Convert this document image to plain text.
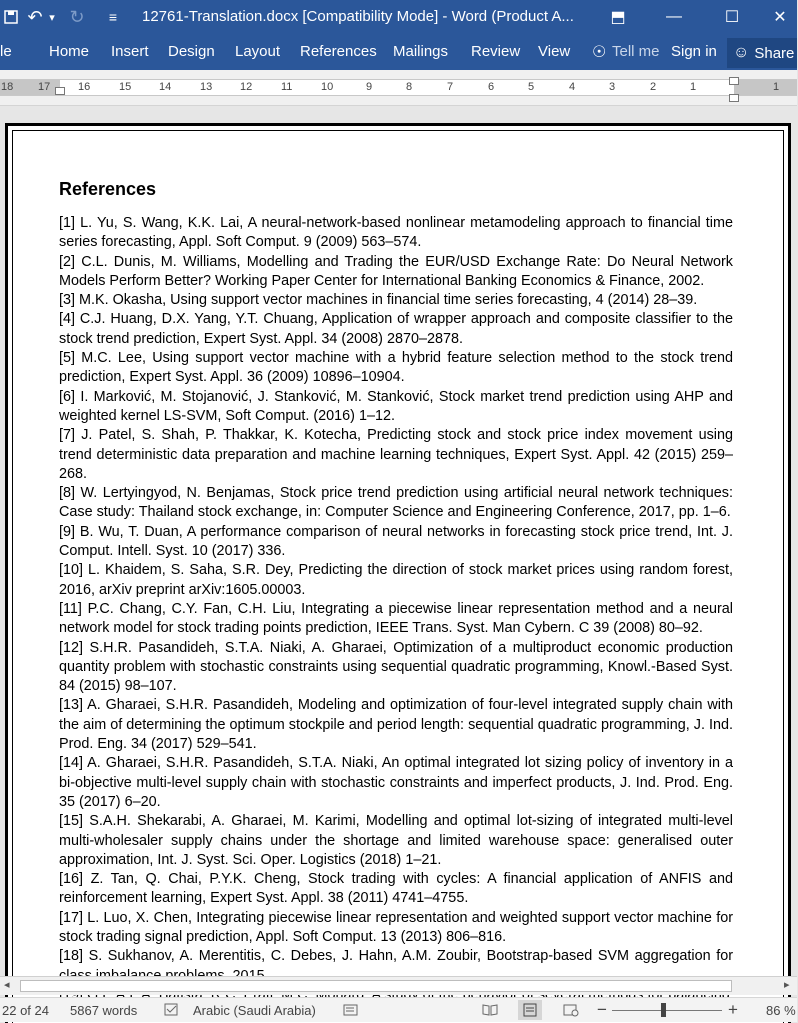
↶ ▾ ↻	≡	12761-Translation.docx [Compatibility Mode] - Word (Product A...	⬒	—	☐	✕
le Home Insert Design Layout References Mailings Review View ☉ Tell me Sign in ☺ Share
18 17	16	15	14	13	12	11	10	9	8	7	6	5	4	3	2	1	1
References
[1] L. Yu, S. Wang, K.K. Lai, A neural-network-based nonlinear metamodeling approach to financial time series forecasting, Appl. Soft Comput. 9 (2009) 563–574.
[2] C.L. Dunis, M. Williams, Modelling and Trading the EUR/USD Exchange Rate: Do Neural Network Models Perform Better? Working Paper Center for International Banking Economics & Finance, 2002.
[3] M.K. Okasha, Using support vector machines in financial time series forecasting, 4 (2014) 28–39.
[4] C.J. Huang, D.X. Yang, Y.T. Chuang, Application of wrapper approach and composite classifier to the stock trend prediction, Expert Syst. Appl. 34 (2008) 2870–2878.
[5] M.C. Lee, Using support vector machine with a hybrid feature selection method to the stock trend prediction, Expert Syst. Appl. 36 (2009) 10896–10904.
[6] I. Marković, M. Stojanović, J. Stanković, M. Stanković, Stock market trend prediction using AHP and weighted kernel LS-SVM, Soft Comput. (2016) 1–12.
[7] J. Patel, S. Shah, P. Thakkar, K. Kotecha, Predicting stock and stock price index movement using trend deterministic data preparation and machine learning techniques, Expert Syst. Appl. 42 (2015) 259–268.
[8] W. Lertyingyod, N. Benjamas, Stock price trend prediction using artificial neural network techniques: Case study: Thailand stock exchange, in: Computer Science and Engineering Conference, 2017, pp. 1–6.
[9] B. Wu, T. Duan, A performance comparison of neural networks in forecasting stock price trend, Int. J. Comput. Intell. Syst. 10 (2017) 336.
[10] L. Khaidem, S. Saha, S.R. Dey, Predicting the direction of stock market prices using random forest, 2016, arXiv preprint arXiv:1605.00003.
[11] P.C. Chang, C.Y. Fan, C.H. Liu, Integrating a piecewise linear representation method and a neural network model for stock trading points prediction, IEEE Trans. Syst. Man Cybern. C 39 (2008) 80–92.
[12] S.H.R. Pasandideh, S.T.A. Niaki, A. Gharaei, Optimization of a multiproduct economic production quantity problem with stochastic constraints using sequential quadratic programming, Knowl.-Based Syst. 84 (2015) 98–107.
[13] A. Gharaei, S.H.R. Pasandideh, Modeling and optimization of four-level integrated supply chain with the aim of determining the optimum stockpile and period length: sequential quadratic programming, J. Ind. Prod. Eng. 34 (2017) 529–541.
[14] A. Gharaei, S.H.R. Pasandideh, S.T.A. Niaki, An optimal integrated lot sizing policy of inventory in a bi-objective multi-level supply chain with stochastic constraints and imperfect products, J. Ind. Prod. Eng. 35 (2017) 6–20.
[15] S.A.H. Shekarabi, A. Gharaei, M. Karimi, Modelling and optimal lot-sizing of integrated multi-level multi-wholesaler supply chains under the shortage and limited warehouse space: generalised outer approximation, Int. J. Syst. Sci. Oper. Logistics (2018) 1–21.
[16] Z. Tan, Q. Chai, P.Y.K. Cheng, Stock trading with cycles: A financial application of ANFIS and reinforcement learning, Expert Syst. Appl. 38 (2011) 4741–4755.
[17] L. Luo, X. Chen, Integrating piecewise linear representation and weighted support vector machine for stock trading signal prediction, Appl. Soft Comput. 13 (2013) 806–816.
[18] S. Sukhanov, A. Merentitis, C. Debes, J. Hahn, A.M. Zoubir, Bootstrap-based SVM aggregation for
◂	▸
22 of 24 5867 words	Arabic (Saudi Arabia)	−	+ 86 %
